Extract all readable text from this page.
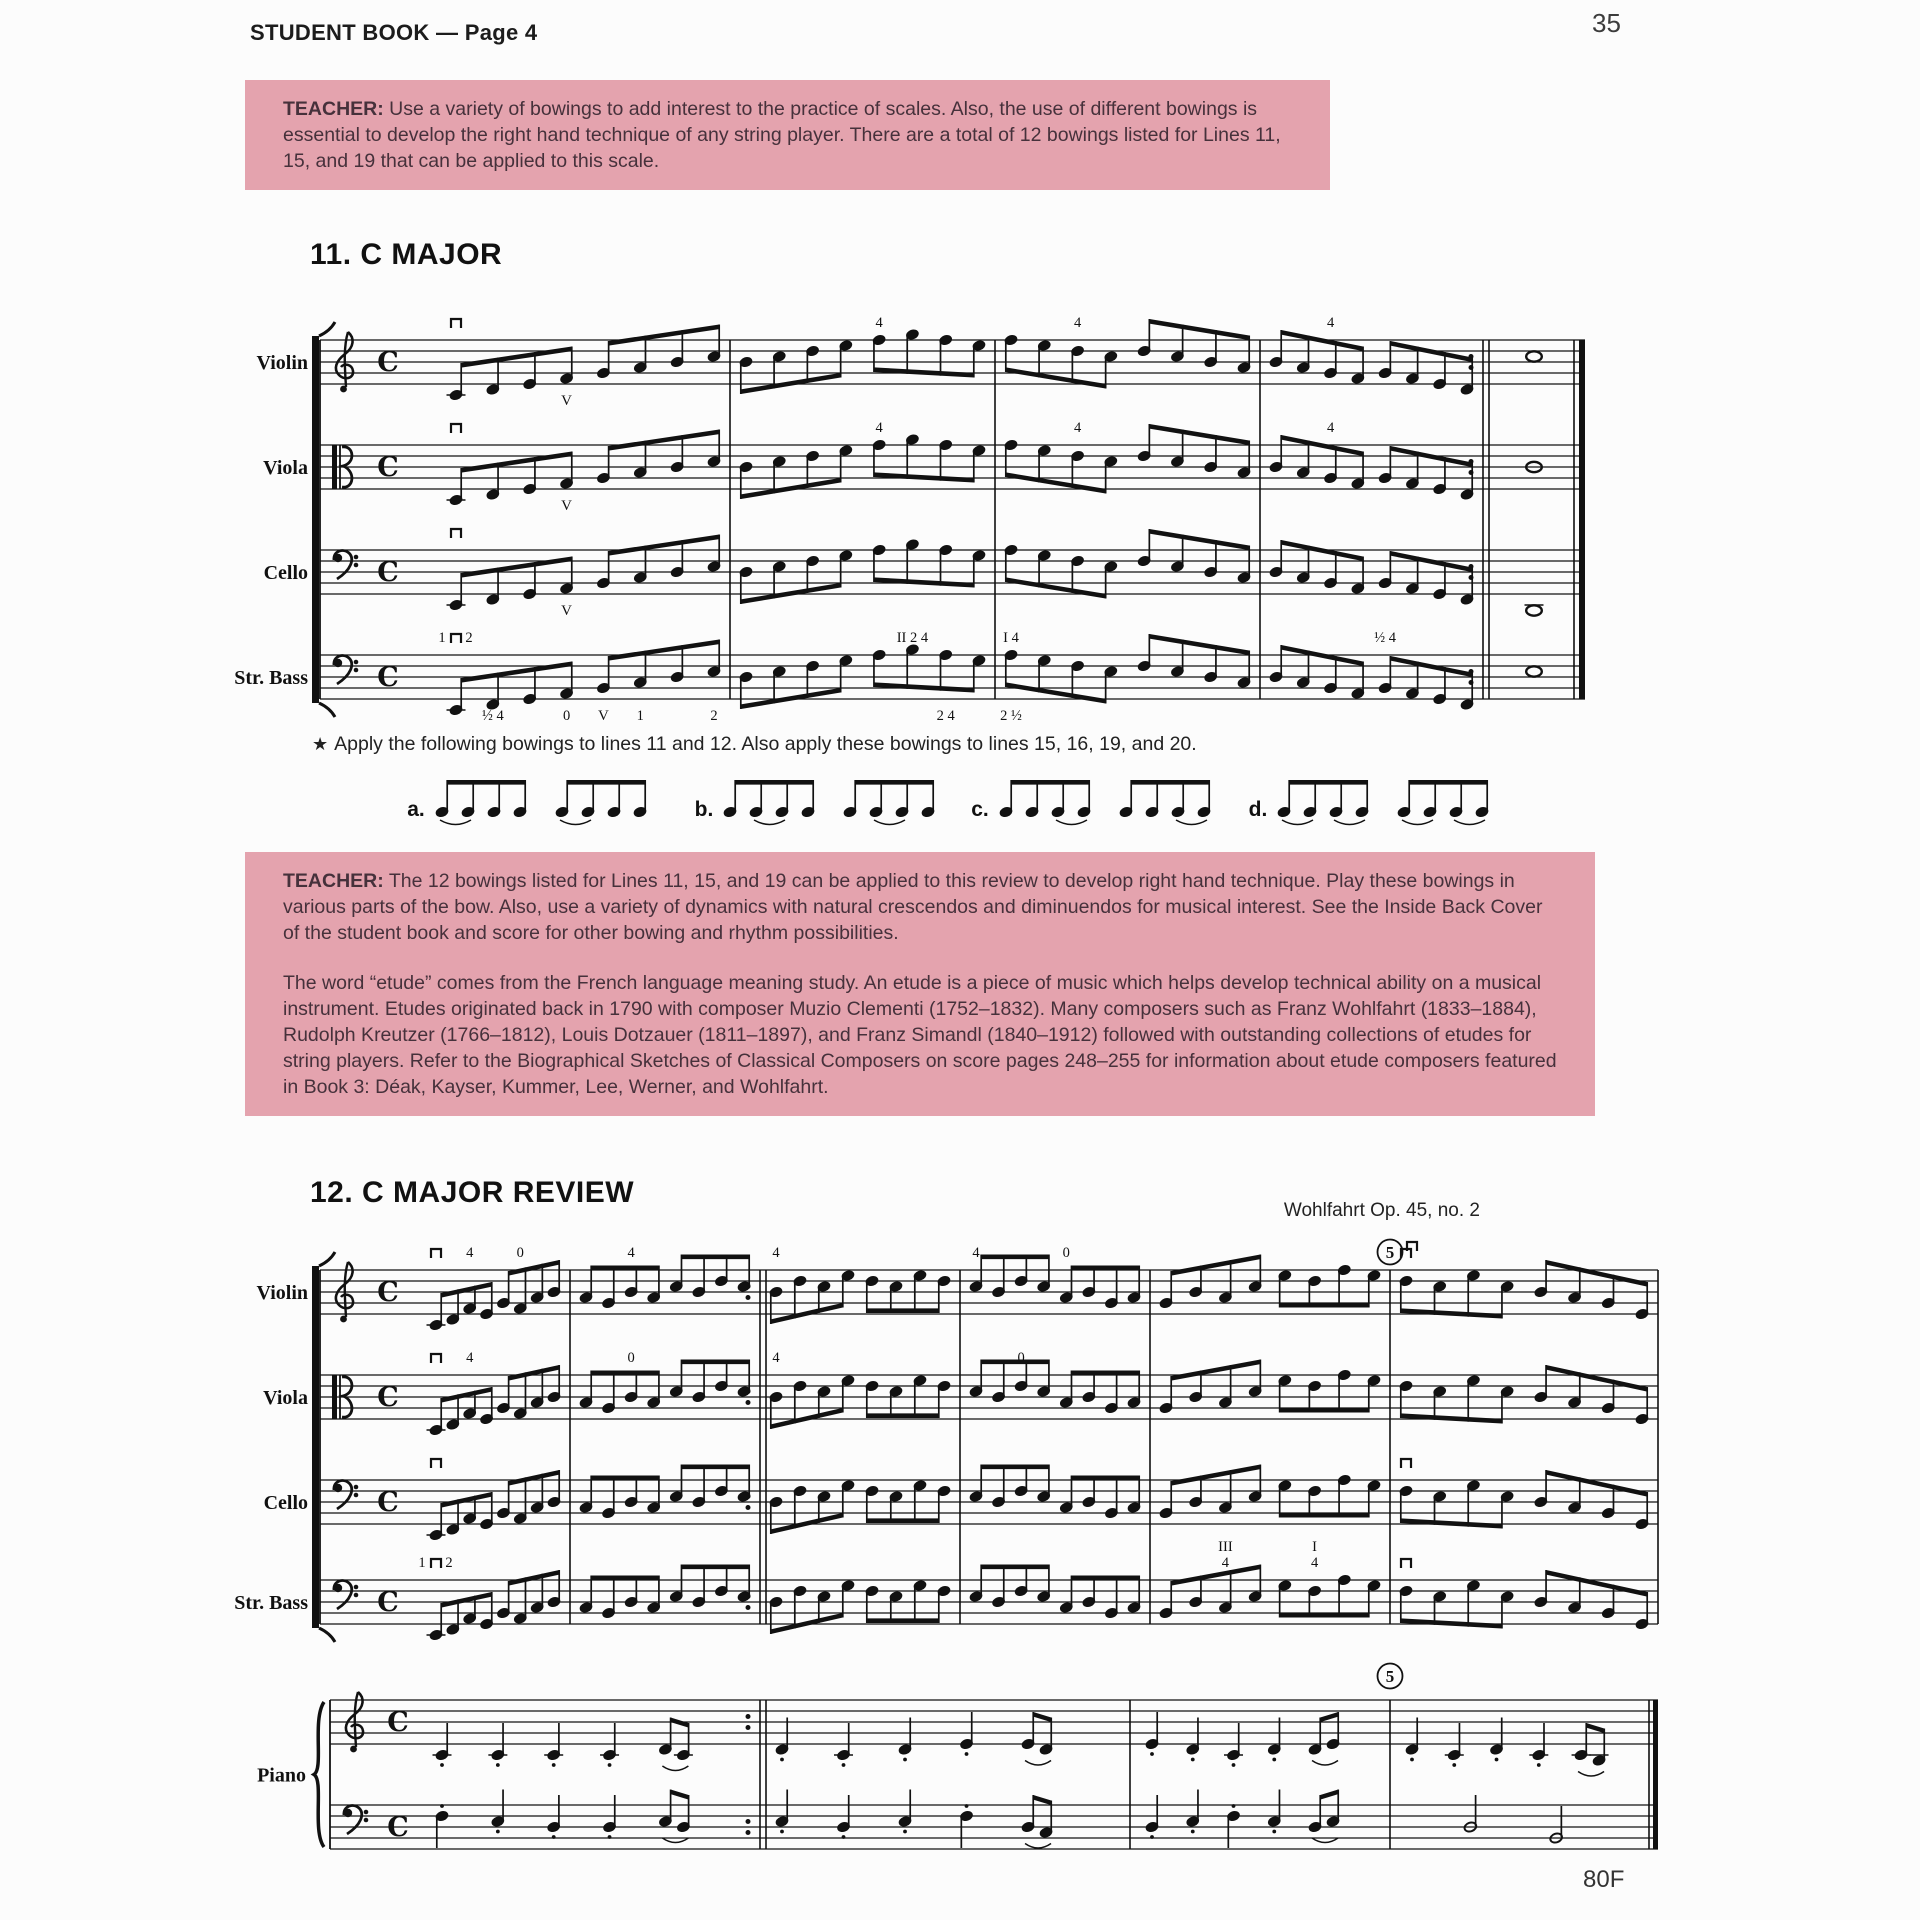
STUDENT BOOK — Page 4	35

TEACHER: Use a variety of bowings to add interest to the practice of scales. Also, the use of different bowings is essential to develop the right hand technique of any string player. There are a total of 12 bowings listed for Lines 11, 15, and 19 that can be applied to this scale.

11. C MAJOR
Violin	C
Viola	C
Cello	C
Str. Bass	C
V
4	4	4
V
4	4	4
V
1 2
½ 4	0 V 1	2
II 2 4
2 4
I 4
2 ½
½ 4
★ Apply the following bowings to lines 11 and 12. Also apply these bowings to lines 15, 16, 19, and 20.
a.	b.	c.	d.

TEACHER: The 12 bowings listed for Lines 11, 15, and 19 can be applied to this review to develop right hand technique. Play these bowings in various parts of the bow. Also, use a variety of dynamics with natural crescendos and diminuendos for musical interest. See the Inside Back Cover of the student book and score for other bowing and rhythm possibilities.

The word “etude” comes from the French language meaning study. An etude is a piece of music which helps develop technical ability on a musical instrument. Etudes originated back in 1790 with composer Muzio Clementi (1752–1832). Many composers such as Franz Wohlfahrt (1833–1884), Rudolph Kreutzer (1766–1812), Louis Dotzauer (1811–1897), and Franz Simandl (1840–1912) followed with outstanding collections of etudes for string players. Refer to the Biographical Sketches of Classical Composers on score pages 248–255 for information about etude composers featured in Book 3: Déak, Kayser, Kummer, Lee, Werner, and Wohlfahrt.

12. C MAJOR REVIEW
Wohlfahrt Op. 45, no. 2
Violin	C
Viola	C
Cello	C
Str. Bass	C
4	0	4	4	4	0
4	0	4	0
1 2
III
4
I
4
5
Piano
C
C
5
80F
